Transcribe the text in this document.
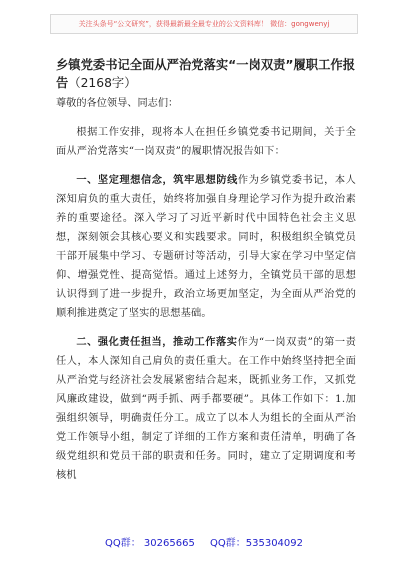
关注头条号“公文研究”，获得最新最全最专业的公文资料库！ 微信：gongwenyj
乡镇党委书记全面从严治党落实“一岗双责”履职工作报告（2168字）

尊敬的各位领导、同志们：

根据工作安排，现将本人在担任乡镇党委书记期间，关于全面从严治党落实“一岗双责”的履职情况报告如下：

一、坚定理想信念，筑牢思想防线作为乡镇党委书记，本人深知肩负的重大责任，始终将加强自身理论学习作为提升政治素养的重要途径。深入学习了习近平新时代中国特色社会主义思想，深刻领会其核心要义和实践要求。同时，积极组织全镇党员干部开展集中学习、专题研讨等活动，引导大家在学习中坚定信仰、增强党性、提高觉悟。通过上述努力，全镇党员干部的思想认识得到了进一步提升，政治立场更加坚定，为全面从严治党的顺利推进奠定了坚实的思想基础。

二、强化责任担当，推动工作落实作为“一岗双责”的第一责任人，本人深知自己肩负的责任重大。在工作中始终坚持把全面从严治党与经济社会发展紧密结合起来，既抓业务工作，又抓党风廉政建设，做到“两手抓、两手都要硬”。具体工作如下：1.加强组织领导，明确责任分工。成立了以本人为组长的全面从严治党工作领导小组，制定了详细的工作方案和责任清单，明确了各级党组织和党员干部的职责和任务。同时，建立了定期调度和考核机

QQ群： 30265665 QQ群：535304092
